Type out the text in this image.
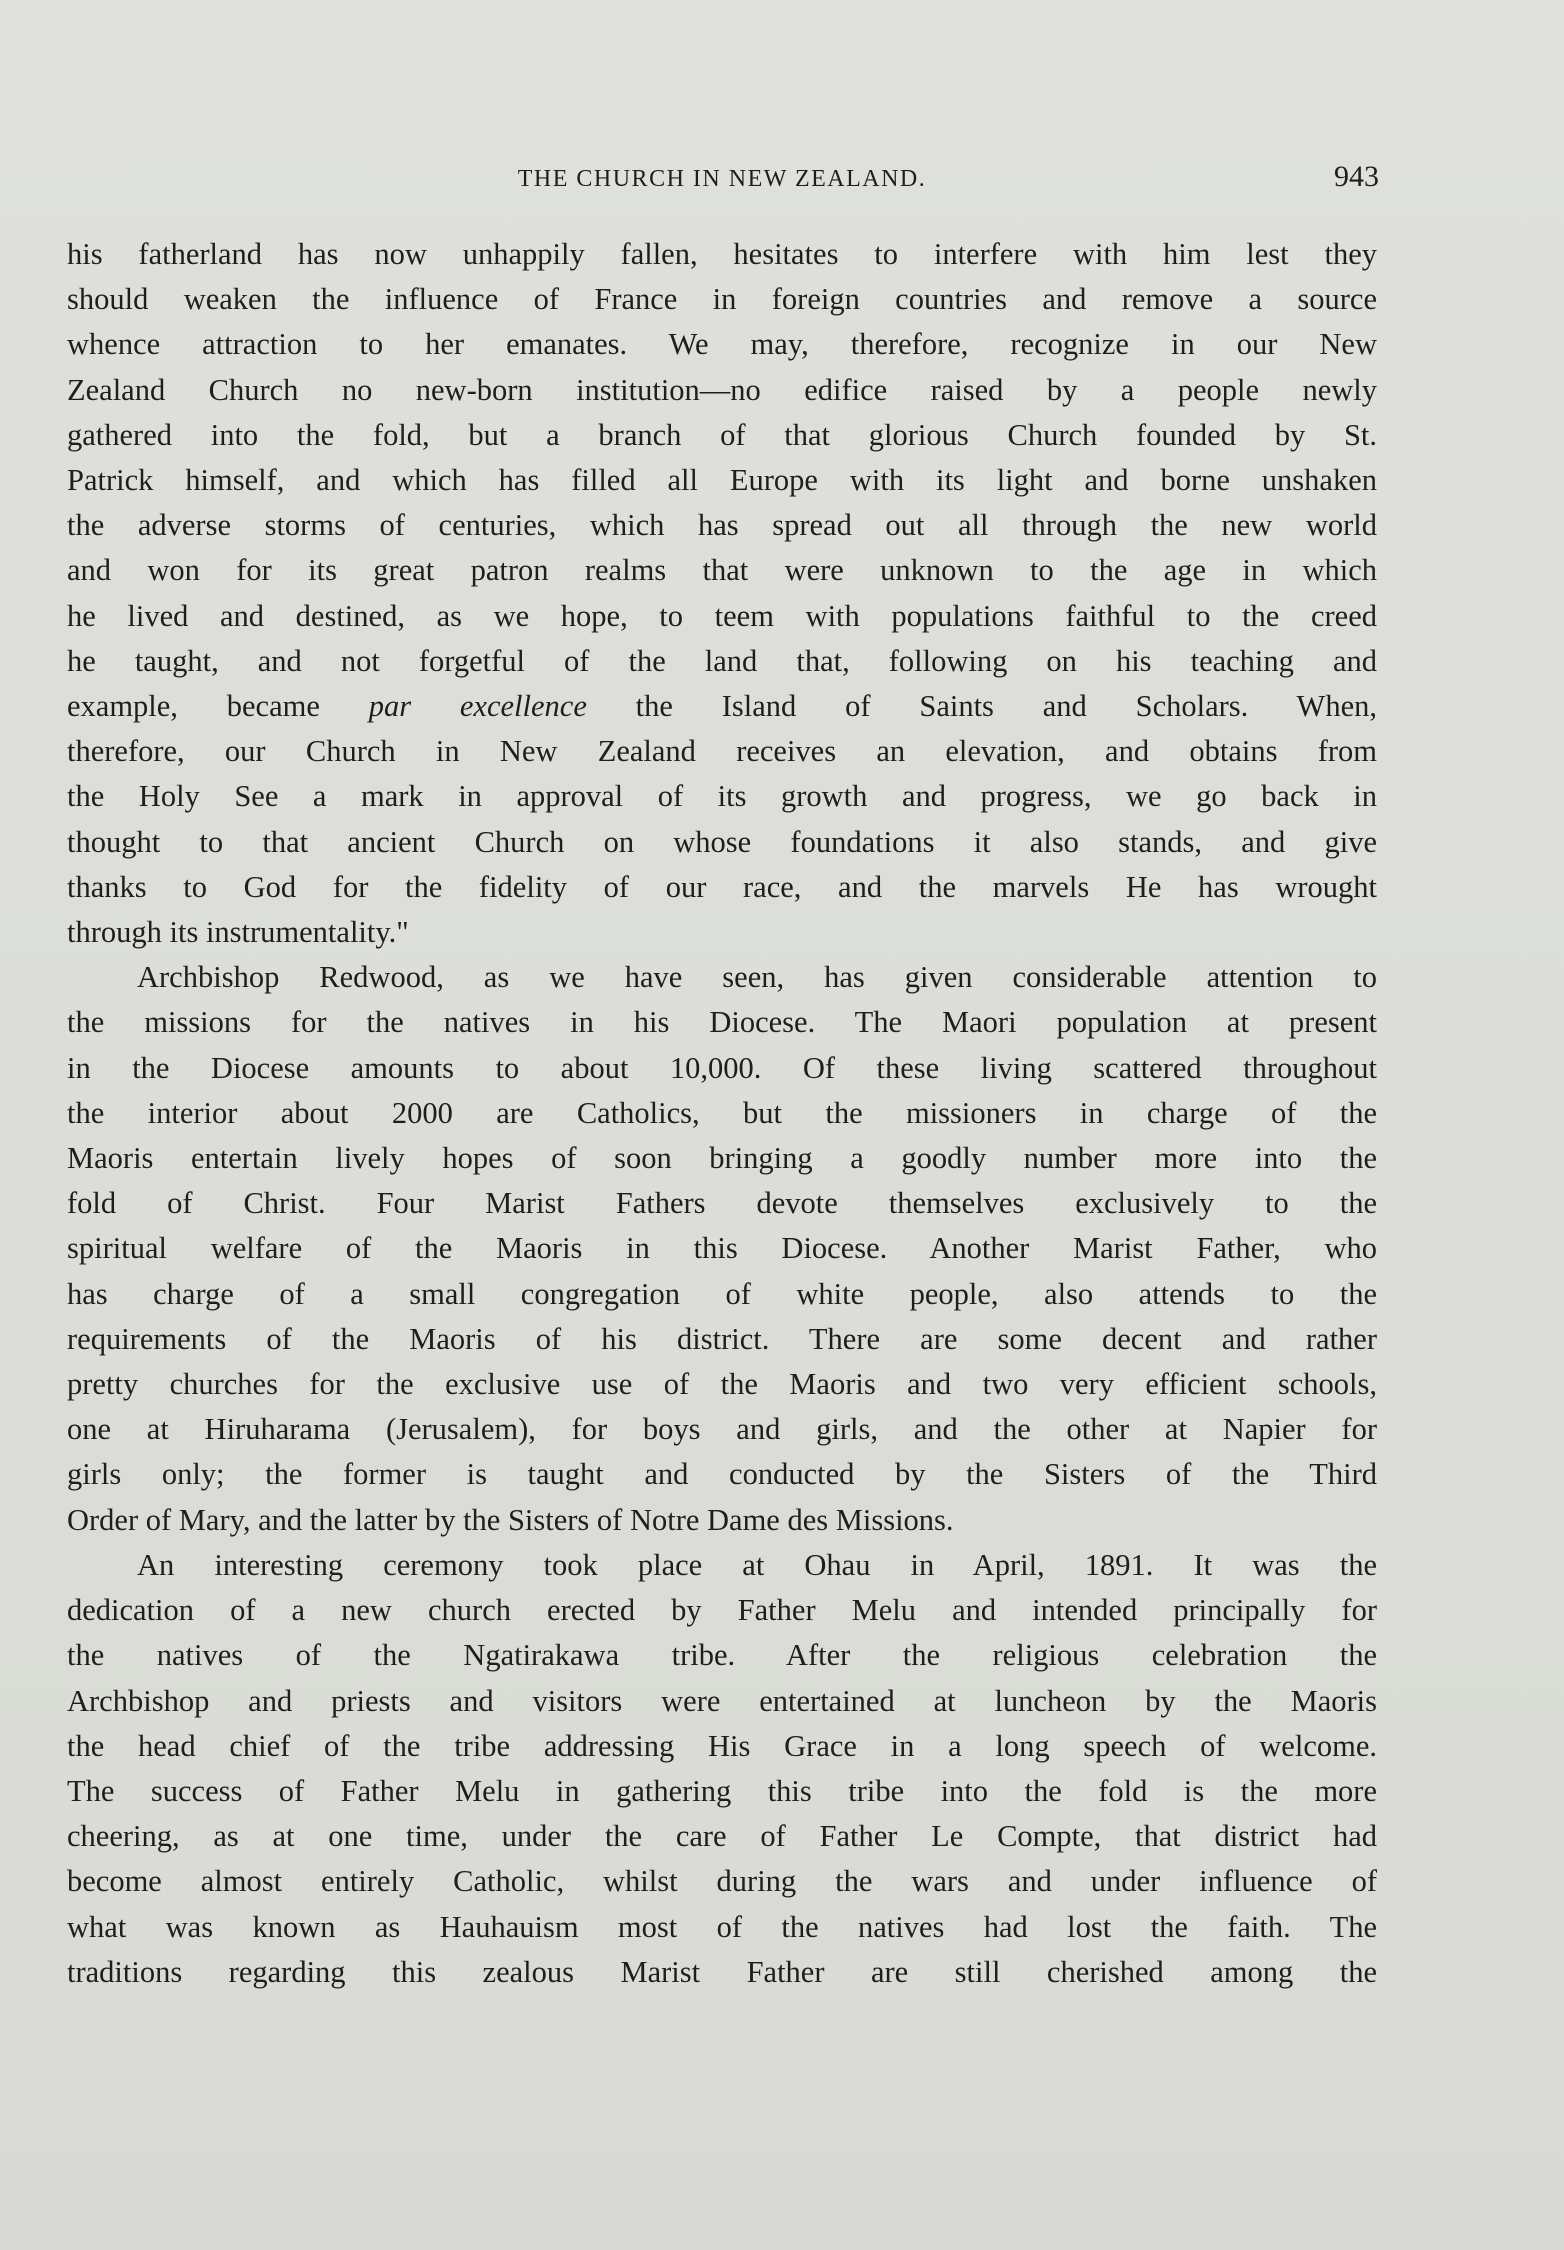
THE CHURCH IN NEW ZEALAND.	943
his fatherland has now unhappily fallen, hesitates to interfere with him lest they
should weaken the influence of France in foreign countries and remove a source
whence attraction to her emanates. We may, therefore, recognize in our New
Zealand Church no new-born institution—no edifice raised by a people newly
gathered into the fold, but a branch of that glorious Church founded by St.
Patrick himself, and which has filled all Europe with its light and borne unshaken
the adverse storms of centuries, which has spread out all through the new world
and won for its great patron realms that were unknown to the age in which
he lived and destined, as we hope, to teem with populations faithful to the creed
he taught, and not forgetful of the land that, following on his teaching and
example, became par excellence the Island of Saints and Scholars. When,
therefore, our Church in New Zealand receives an elevation, and obtains from
the Holy See a mark in approval of its growth and progress, we go back in
thought to that ancient Church on whose foundations it also stands, and give
thanks to God for the fidelity of our race, and the marvels He has wrought
through its instrumentality."
Archbishop Redwood, as we have seen, has given considerable attention to
the missions for the natives in his Diocese. The Maori population at present
in the Diocese amounts to about 10,000. Of these living scattered throughout
the interior about 2000 are Catholics, but the missioners in charge of the
Maoris entertain lively hopes of soon bringing a goodly number more into the
fold of Christ. Four Marist Fathers devote themselves exclusively to the
spiritual welfare of the Maoris in this Diocese. Another Marist Father, who
has charge of a small congregation of white people, also attends to the
requirements of the Maoris of his district. There are some decent and rather
pretty churches for the exclusive use of the Maoris and two very efficient schools,
one at Hiruharama (Jerusalem), for boys and girls, and the other at Napier for
girls only; the former is taught and conducted by the Sisters of the Third
Order of Mary, and the latter by the Sisters of Notre Dame des Missions.
An interesting ceremony took place at Ohau in April, 1891. It was the
dedication of a new church erected by Father Melu and intended principally for
the natives of the Ngatirakawa tribe. After the religious celebration the
Archbishop and priests and visitors were entertained at luncheon by the Maoris
the head chief of the tribe addressing His Grace in a long speech of welcome.
The success of Father Melu in gathering this tribe into the fold is the more
cheering, as at one time, under the care of Father Le Compte, that district had
become almost entirely Catholic, whilst during the wars and under influence of
what was known as Hauhauism most of the natives had lost the faith. The
traditions regarding this zealous Marist Father are still cherished among the
